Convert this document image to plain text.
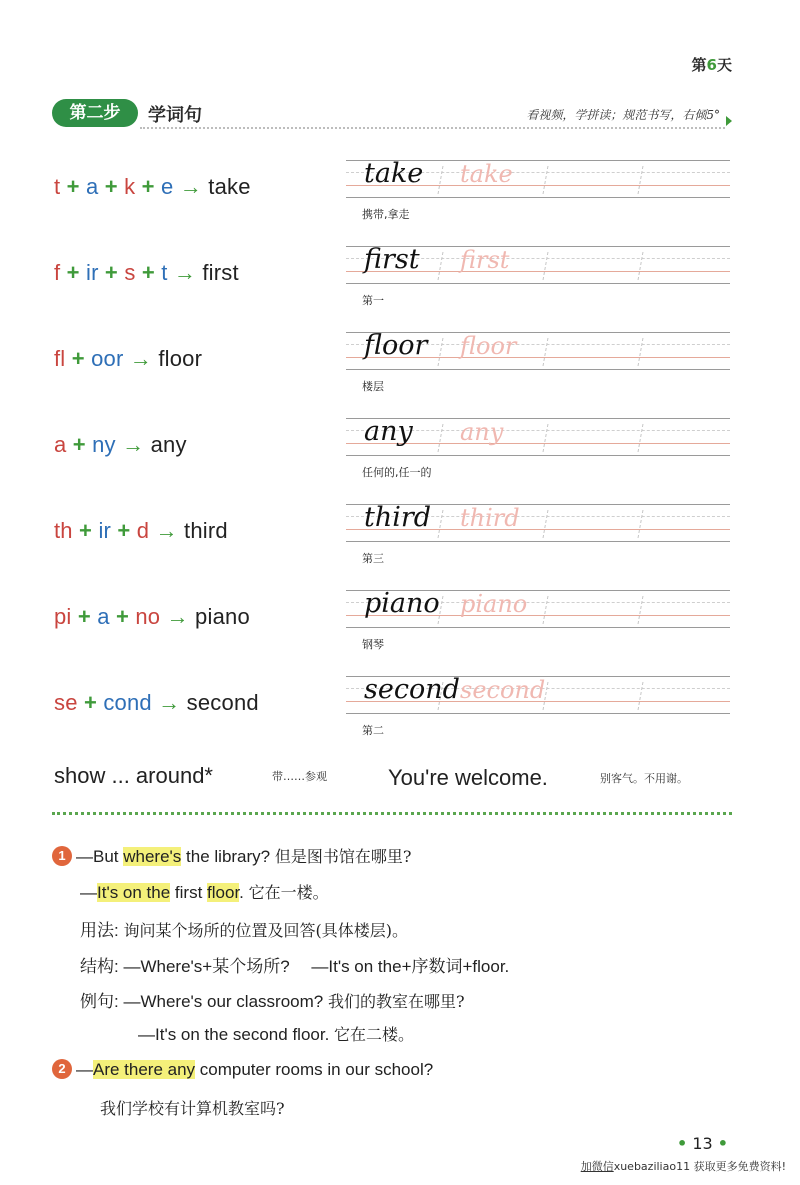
第6天
第二步	学词句	看视频，学拼读；规范书写，右倾5°
t + a + k + e → take	take take
携带,拿走
f + ir + s + t → first	first first
第一
fl + oor → floor	floor floor
楼层
a + ny → any	any any
任何的,任一的
th + ir + d → third	third third
第三
pi + a + no → piano	piano piano
钢琴
se + cond → second	second second
第二
show ... around*	带……参观	You're welcome.	别客气。不用谢。
1 —But where's the library? 但是图书馆在哪里?
—It's on the first floor. 它在一楼。
用法: 询问某个场所的位置及回答(具体楼层)。
结构: —Where's+某个场所?　 —It's on the+序数词+floor.
例句: —Where's our classroom? 我们的教室在哪里?
—It's on the second floor. 它在二楼。
2 —Are there any computer rooms in our school?
我们学校有计算机教室吗?
• 13 •
加微信xuebaziliao11 获取更多免费资料!
